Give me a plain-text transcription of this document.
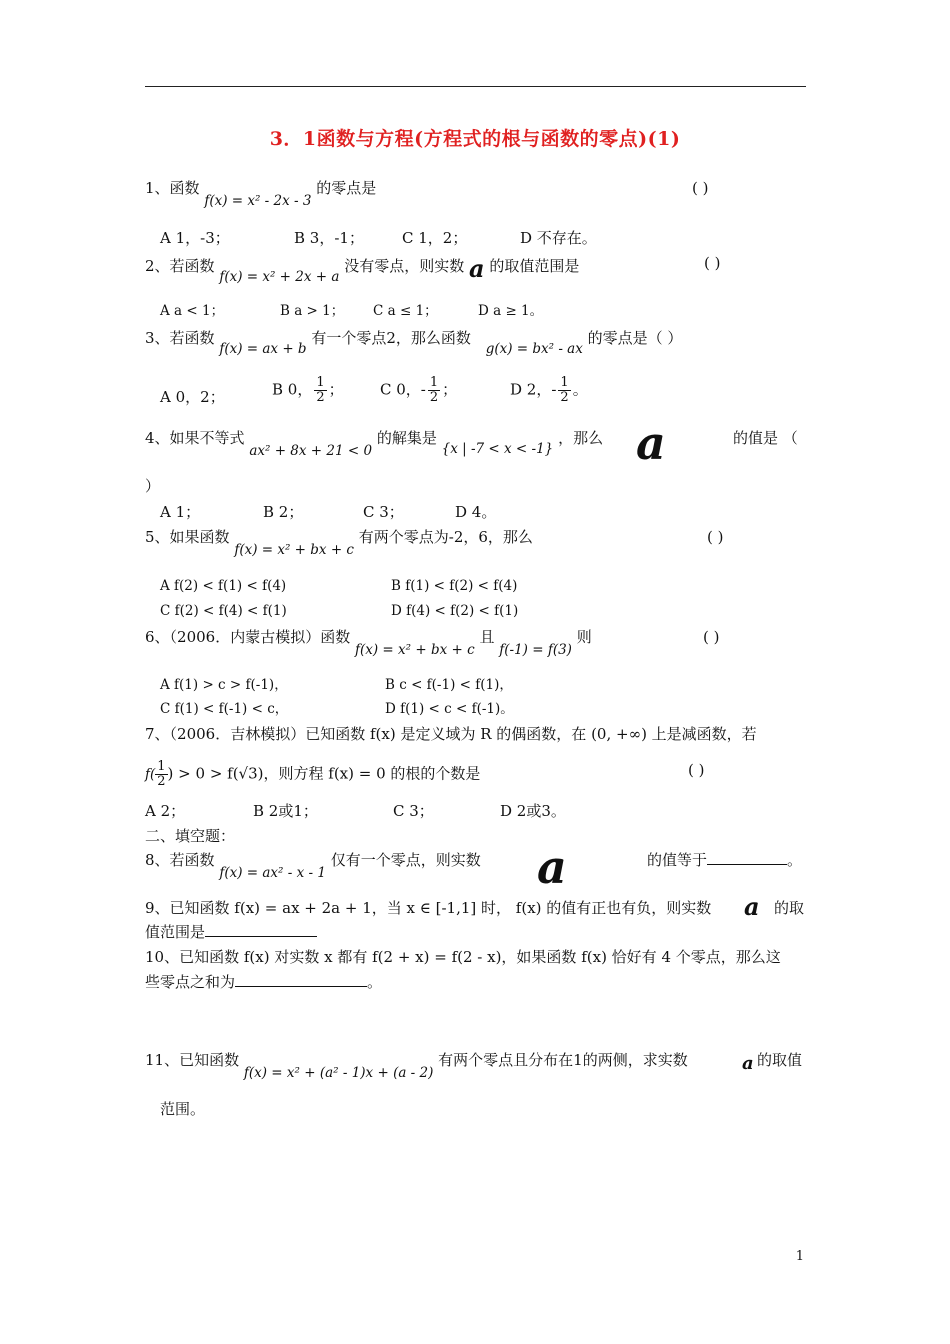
3．1函数与方程(方程式的根与函数的零点)(1)
1、函数 f(x) = x² - 2x - 3 的零点是	( )
A 1，-3；	B 3，-1；	C 1，2；	D 不存在。
2、若函数 f(x) = x² + 2x + a 没有零点，则实数 a 的取值范围是	( )
A a < 1；	B a > 1； C a ≤ 1；	D a ≥ 1。
3、若函数 f(x) = ax + b 有一个零点2，那么函数 g(x) = bx² - ax 的零点是（ ）
A 0，2；	B 0， $\frac{1}{2}$ ； C 0，- $\frac{1}{2}$ ；	D 2，- $\frac{1}{2}$ 。
4、如果不等式 ax² + 8x + 21 < 0 的解集是 {x | -7 < x < -1} ，那么 a	的值是 （
）
A 1；	B 2；	C 3；	D 4。
5、如果函数 f(x) = x² + bx + c 有两个零点为-2，6，那么	( )
A f(2) < f(1) < f(4)	B f(1) < f(2) < f(4)
C f(2) < f(4) < f(1)	D f(4) < f(2) < f(1)
6、（2006．内蒙古模拟）函数 f(x) = x² + bx + c 且 f(-1) = f(3) 则	( )
A f(1) > c > f(-1)，	B c < f(-1) < f(1)，
C f(1) < f(-1) < c，	D f(1) < c < f(-1)。
7、（2006．吉林模拟）已知函数 f(x) 是定义域为 R 的偶函数，在 (0, +∞) 上是减函数，若
$f( \frac{1}{2}$ ) > 0 > f(√3)，则方程 f(x) = 0 的根的个数是	( )
A 2；	B 2或1；	C 3；	D 2或3。
二、填空题：
8、若函数 f(x) = ax² - x - 1 仅有一个零点，则实数 a	的值等于	。
9、已知函数 f(x) = ax + 2a + 1，当 x ∈ [-1,1] 时， f(x) 的值有正也有负，则实数 a 的取
值范围是
10、已知函数 f(x) 对实数 x 都有 f(2 + x) = f(2 - x)，如果函数 f(x) 恰好有 4 个零点，那么这
些零点之和为	。
11、已知函数 f(x) = x² + (a² - 1)x + (a - 2) 有两个零点且分布在1的两侧，求实数	a 的取值
范围。
1
